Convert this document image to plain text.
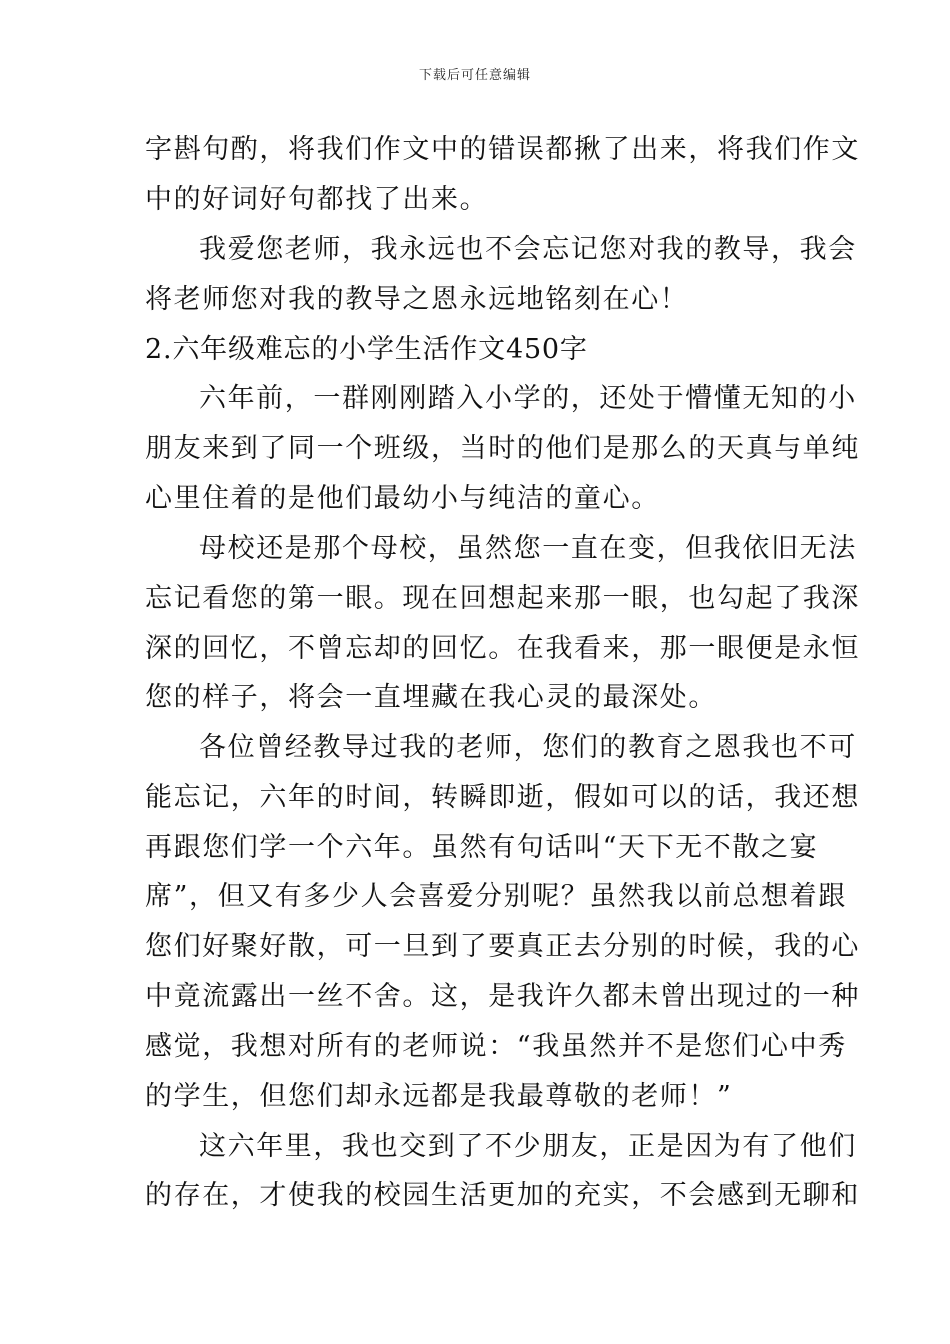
下载后可任意编辑
字斟句酌，将我们作文中的错误都揪了出来，将我们作文
中的好词好句都找了出来。
我爱您老师，我永远也不会忘记您对我的教导，我会
将老师您对我的教导之恩永远地铭刻在心！
2.六年级难忘的小学生活作文450字
六年前，一群刚刚踏入小学的，还处于懵懂无知的小
朋友来到了同一个班级，当时的他们是那么的天真与单纯
心里住着的是他们最幼小与纯洁的童心。
母校还是那个母校，虽然您一直在变，但我依旧无法
忘记看您的第一眼。现在回想起来那一眼，也勾起了我深
深的回忆，不曾忘却的回忆。在我看来，那一眼便是永恒
您的样子，将会一直埋藏在我心灵的最深处。
各位曾经教导过我的老师，您们的教育之恩我也不可
能忘记，六年的时间，转瞬即逝，假如可以的话，我还想
再跟您们学一个六年。虽然有句话叫“天下无不散之宴
席”，但又有多少人会喜爱分别呢？虽然我以前总想着跟
您们好聚好散，可一旦到了要真正去分别的时候，我的心
中竟流露出一丝不舍。这，是我许久都未曾出现过的一种
感觉，我想对所有的老师说：“我虽然并不是您们心中秀
的学生，但您们却永远都是我最尊敬的老师！”
这六年里，我也交到了不少朋友，正是因为有了他们
的存在，才使我的校园生活更加的充实，不会感到无聊和
